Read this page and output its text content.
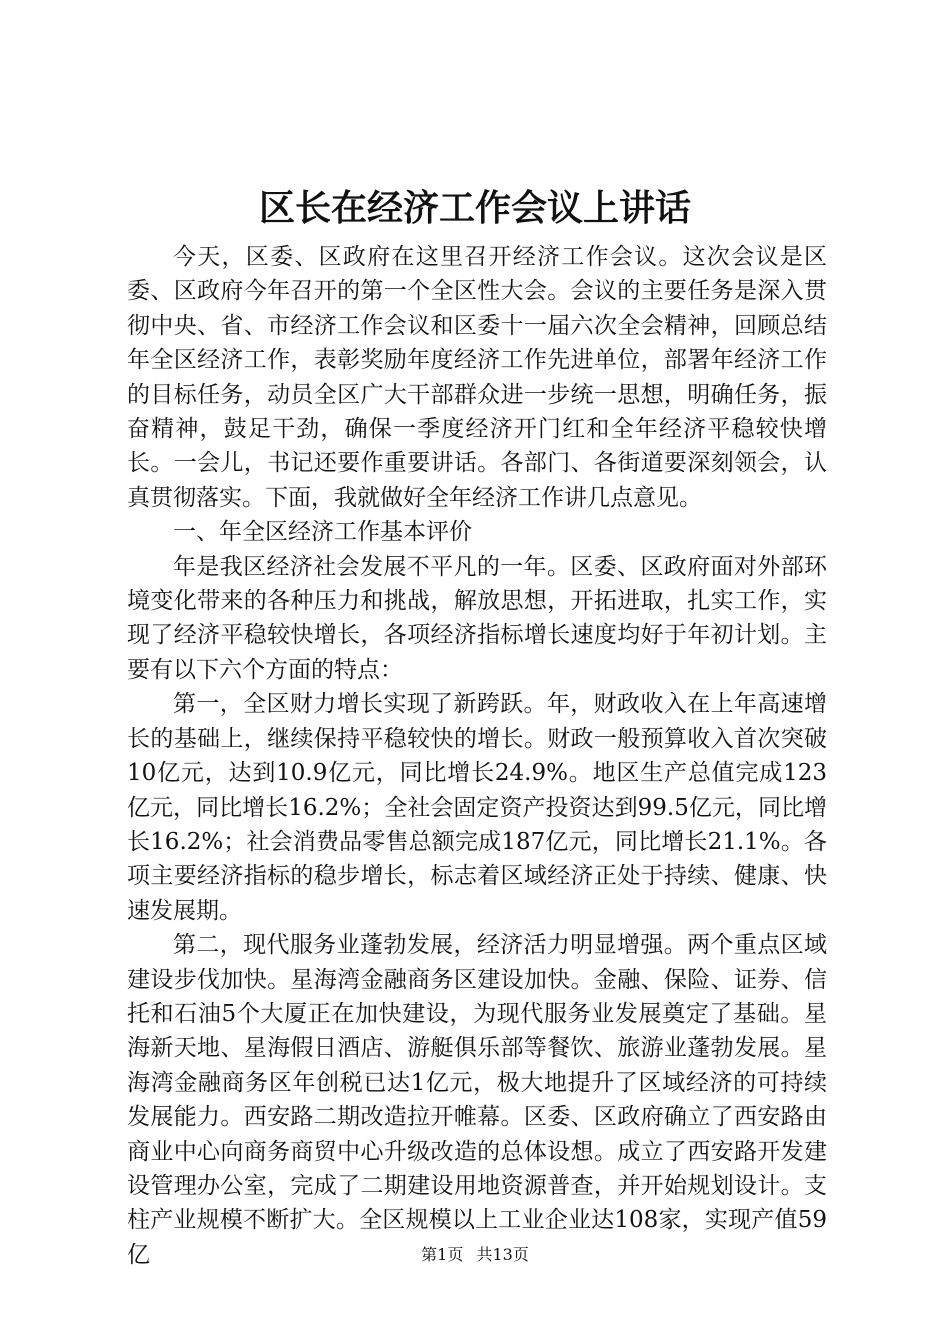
区长在经济工作会议上讲话

今天，区委、区政府在这里召开经济工作会议。这次会议是区委、区政府今年召开的第一个全区性大会。会议的主要任务是深入贯彻中央、省、市经济工作会议和区委十一届六次全会精神，回顾总结年全区经济工作，表彰奖励年度经济工作先进单位，部署年经济工作的目标任务，动员全区广大干部群众进一步统一思想，明确任务，振奋精神，鼓足干劲，确保一季度经济开门红和全年经济平稳较快增长。一会儿，书记还要作重要讲话。各部门、各街道要深刻领会，认真贯彻落实。下面，我就做好全年经济工作讲几点意见。

一、年全区经济工作基本评价

年是我区经济社会发展不平凡的一年。区委、区政府面对外部环境变化带来的各种压力和挑战，解放思想，开拓进取，扎实工作，实现了经济平稳较快增长，各项经济指标增长速度均好于年初计划。主要有以下六个方面的特点：

第一，全区财力增长实现了新跨跃。年，财政收入在上年高速增长的基础上，继续保持平稳较快的增长。财政一般预算收入首次突破10亿元，达到10.9亿元，同比增长24.9%。地区生产总值完成123亿元，同比增长16.2%；全社会固定资产投资达到99.5亿元，同比增长16.2%；社会消费品零售总额完成187亿元，同比增长21.1%。各项主要经济指标的稳步增长，标志着区域经济正处于持续、健康、快速发展期。

第二，现代服务业蓬勃发展，经济活力明显增强。两个重点区域建设步伐加快。星海湾金融商务区建设加快。金融、保险、证券、信托和石油5个大厦正在加快建设，为现代服务业发展奠定了基础。星海新天地、星海假日酒店、游艇俱乐部等餐饮、旅游业蓬勃发展。星海湾金融商务区年创税已达1亿元，极大地提升了区域经济的可持续发展能力。西安路二期改造拉开帷幕。区委、区政府确立了西安路由商业中心向商务商贸中心升级改造的总体设想。成立了西安路开发建设管理办公室，完成了二期建设用地资源普查，并开始规划设计。支柱产业规模不断扩大。全区规模以上工业企业达108家，实现产值59亿	第1页 共13页
